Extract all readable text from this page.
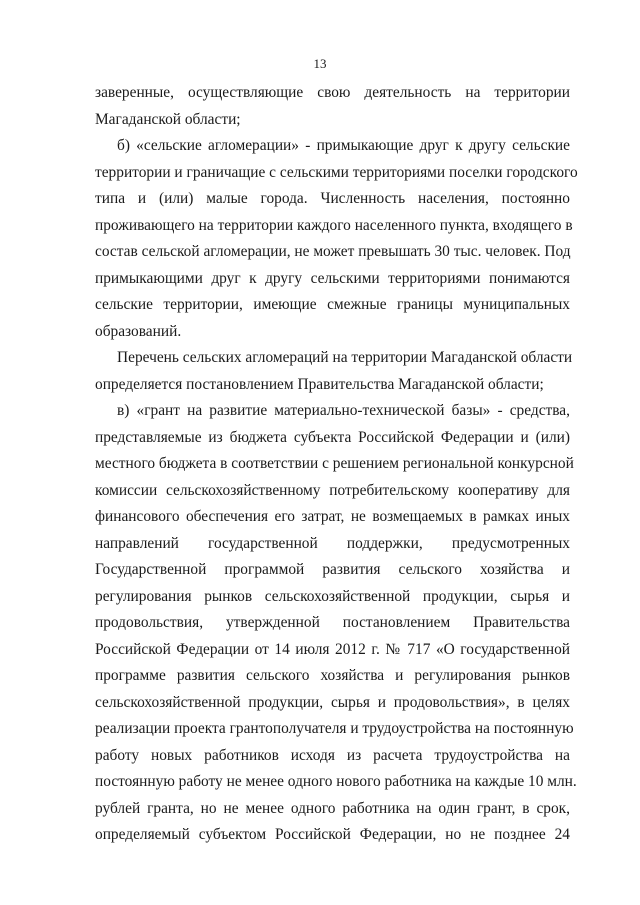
13
заверенные, осуществляющие свою деятельность на территории
Магаданской области;
б) «сельские агломерации» - примыкающие друг к другу сельские
территории и граничащие с сельскими территориями поселки городского
типа и (или) малые города. Численность населения, постоянно
проживающего на территории каждого населенного пункта, входящего в
состав сельской агломерации, не может превышать 30 тыс. человек. Под
примыкающими друг к другу сельскими территориями понимаются
сельские территории, имеющие смежные границы муниципальных
образований.
Перечень сельских агломераций на территории Магаданской области
определяется постановлением Правительства Магаданской области;
в) «грант на развитие материально-технической базы» - средства,
представляемые из бюджета субъекта Российской Федерации и (или)
местного бюджета в соответствии с решением региональной конкурсной
комиссии сельскохозяйственному потребительскому кооперативу для
финансового обеспечения его затрат, не возмещаемых в рамках иных
направлений государственной поддержки, предусмотренных
Государственной программой развития сельского хозяйства и
регулирования рынков сельскохозяйственной продукции, сырья и
продовольствия, утвержденной постановлением Правительства
Российской Федерации от 14 июля 2012 г. № 717 «О государственной
программе развития сельского хозяйства и регулирования рынков
сельскохозяйственной продукции, сырья и продовольствия», в целях
реализации проекта грантополучателя и трудоустройства на постоянную
работу новых работников исходя из расчета трудоустройства на
постоянную работу не менее одного нового работника на каждые 10 млн.
рублей гранта, но не менее одного работника на один грант, в срок,
определяемый субъектом Российской Федерации, но не позднее 24
